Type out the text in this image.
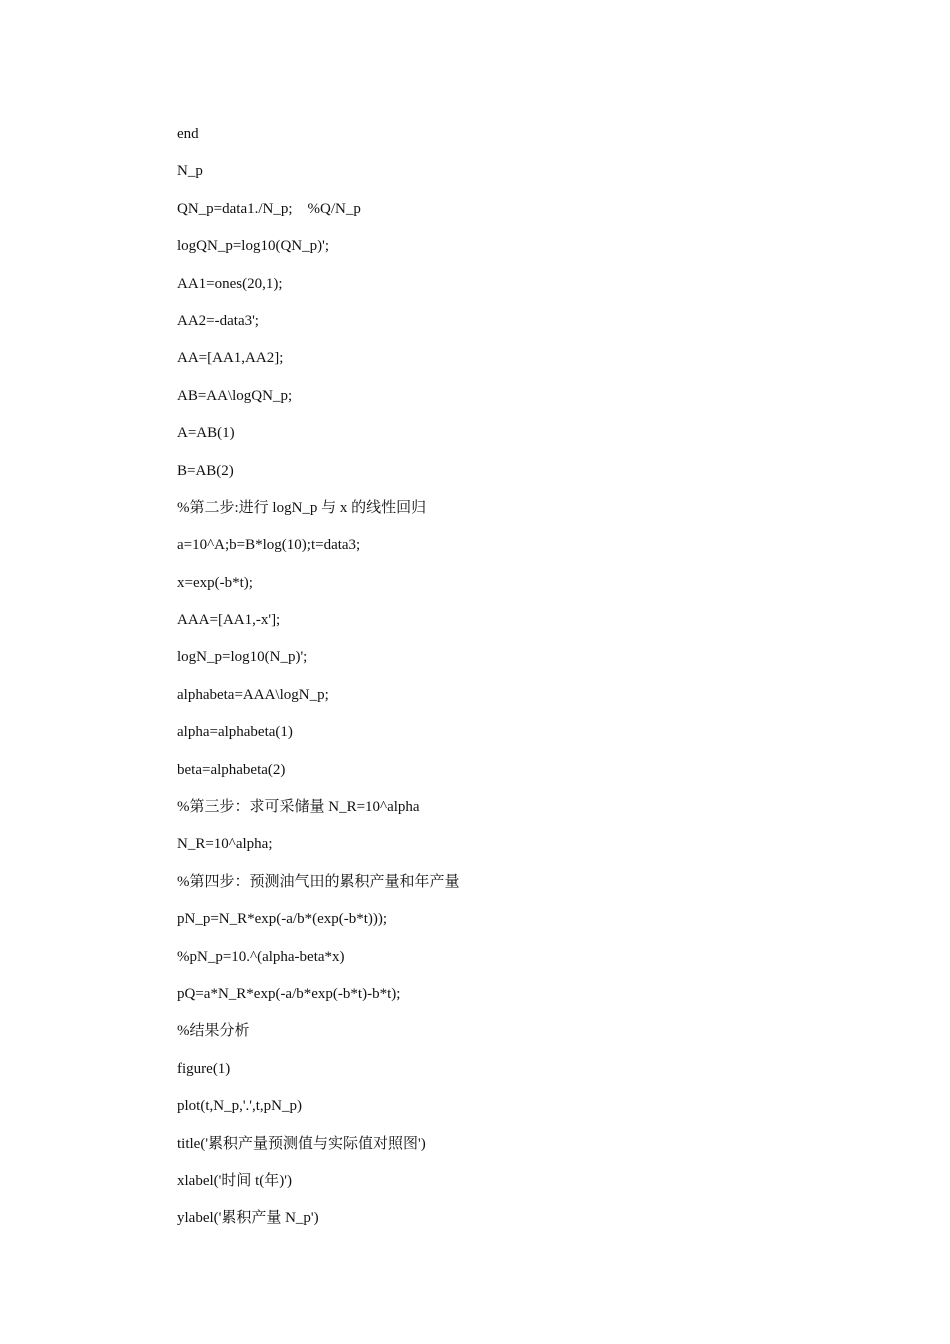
end
N_p
QN_p=data1./N_p;    %Q/N_p
logQN_p=log10(QN_p)';
AA1=ones(20,1);
AA2=-data3';
AA=[AA1,AA2];
AB=AA\logQN_p;
A=AB(1)
B=AB(2)
%第二步:进行 logN_p 与 x 的线性回归
a=10^A;b=B*log(10);t=data3;
x=exp(-b*t);
AAA=[AA1,-x'];
logN_p=log10(N_p)';
alphabeta=AAA\logN_p;
alpha=alphabeta(1)
beta=alphabeta(2)
%第三步：求可采储量 N_R=10^alpha
N_R=10^alpha;
%第四步：预测油气田的累积产量和年产量
pN_p=N_R*exp(-a/b*(exp(-b*t)));
%pN_p=10.^(alpha-beta*x)
pQ=a*N_R*exp(-a/b*exp(-b*t)-b*t);
%结果分析
figure(1)
plot(t,N_p,'.',t,pN_p)
title('累积产量预测值与实际值对照图')
xlabel('时间 t(年)')
ylabel('累积产量 N_p')
